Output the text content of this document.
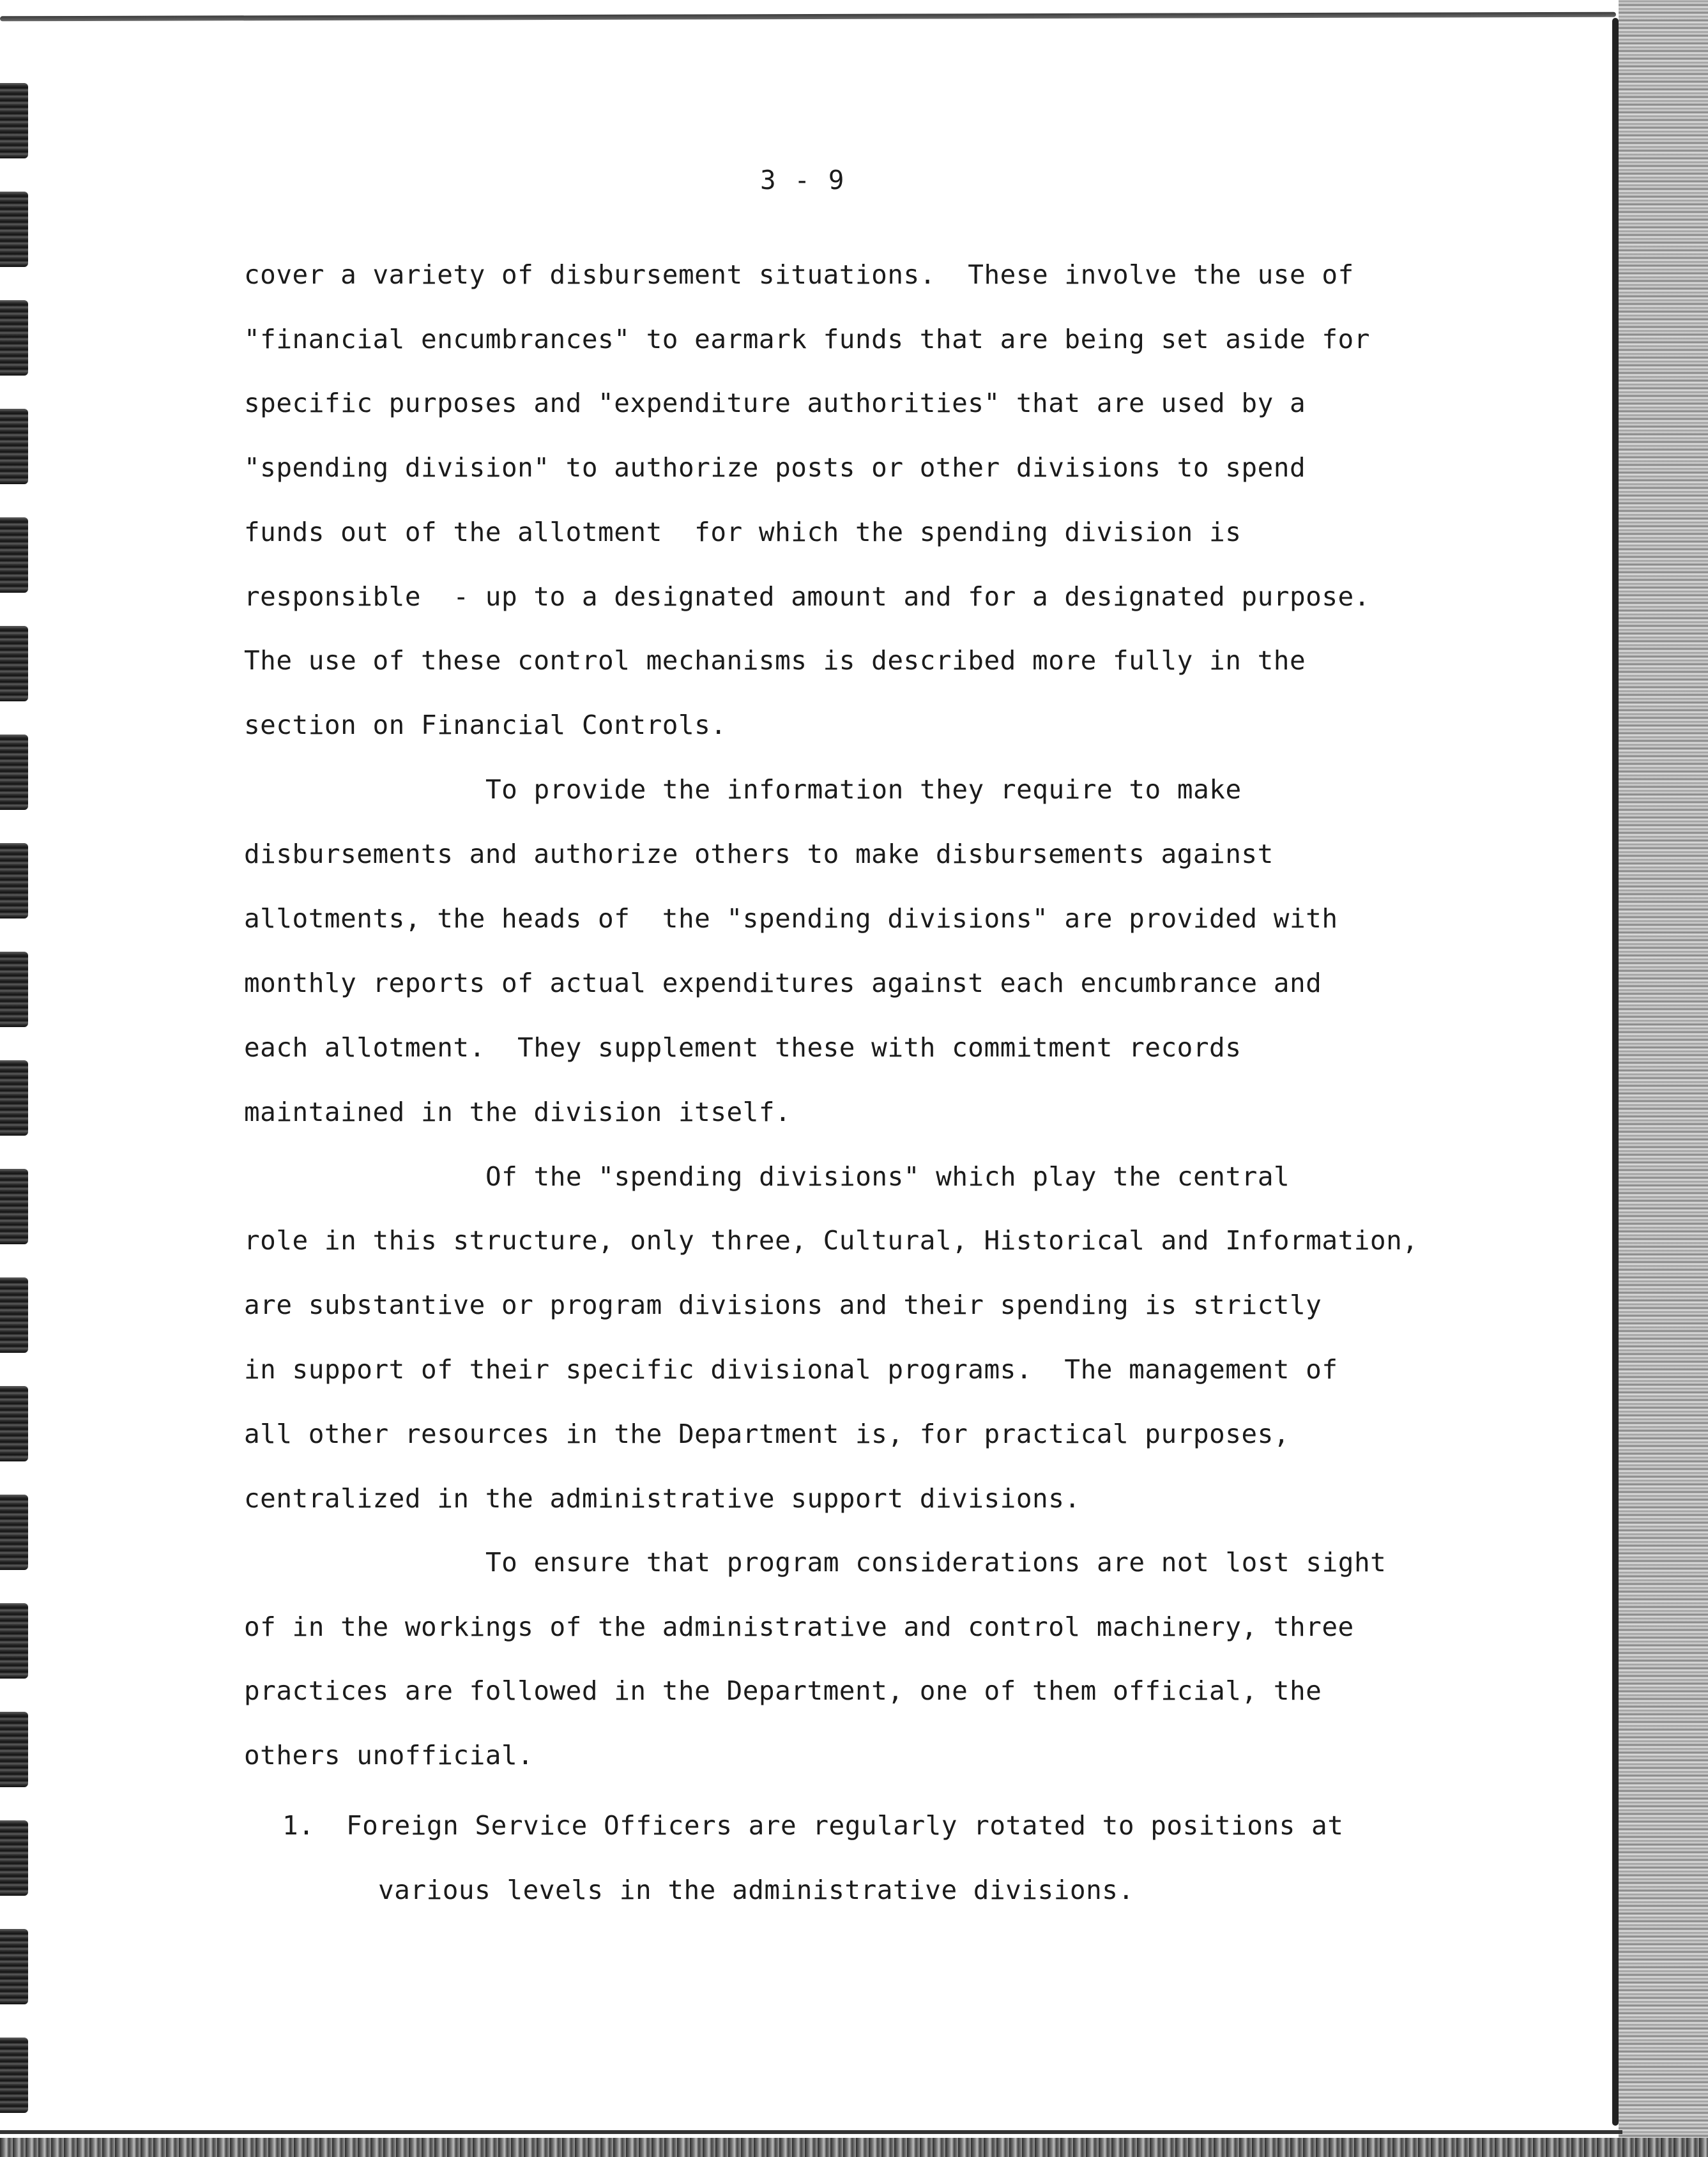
3 - 9
cover a variety of disbursement situations.  These involve the use of
"financial encumbrances" to earmark funds that are being set aside for
specific purposes and "expenditure authorities" that are used by a
"spending division" to authorize posts or other divisions to spend
funds out of the allotment  for which the spending division is
responsible  - up to a designated amount and for a designated purpose.
The use of these control mechanisms is described more fully in the
section on Financial Controls.
To provide the information they require to make
disbursements and authorize others to make disbursements against
allotments, the heads of  the "spending divisions" are provided with
monthly reports of actual expenditures against each encumbrance and
each allotment.  They supplement these with commitment records
maintained in the division itself.
Of the "spending divisions" which play the central
role in this structure, only three, Cultural, Historical and Information,
are substantive or program divisions and their spending is strictly
in support of their specific divisional programs.  The management of
all other resources in the Department is, for practical purposes,
centralized in the administrative support divisions.
To ensure that program considerations are not lost sight
of in the workings of the administrative and control machinery, three
practices are followed in the Department, one of them official, the
others unofficial.
1. Foreign Service Officers are regularly rotated to positions at
various levels in the administrative divisions.
